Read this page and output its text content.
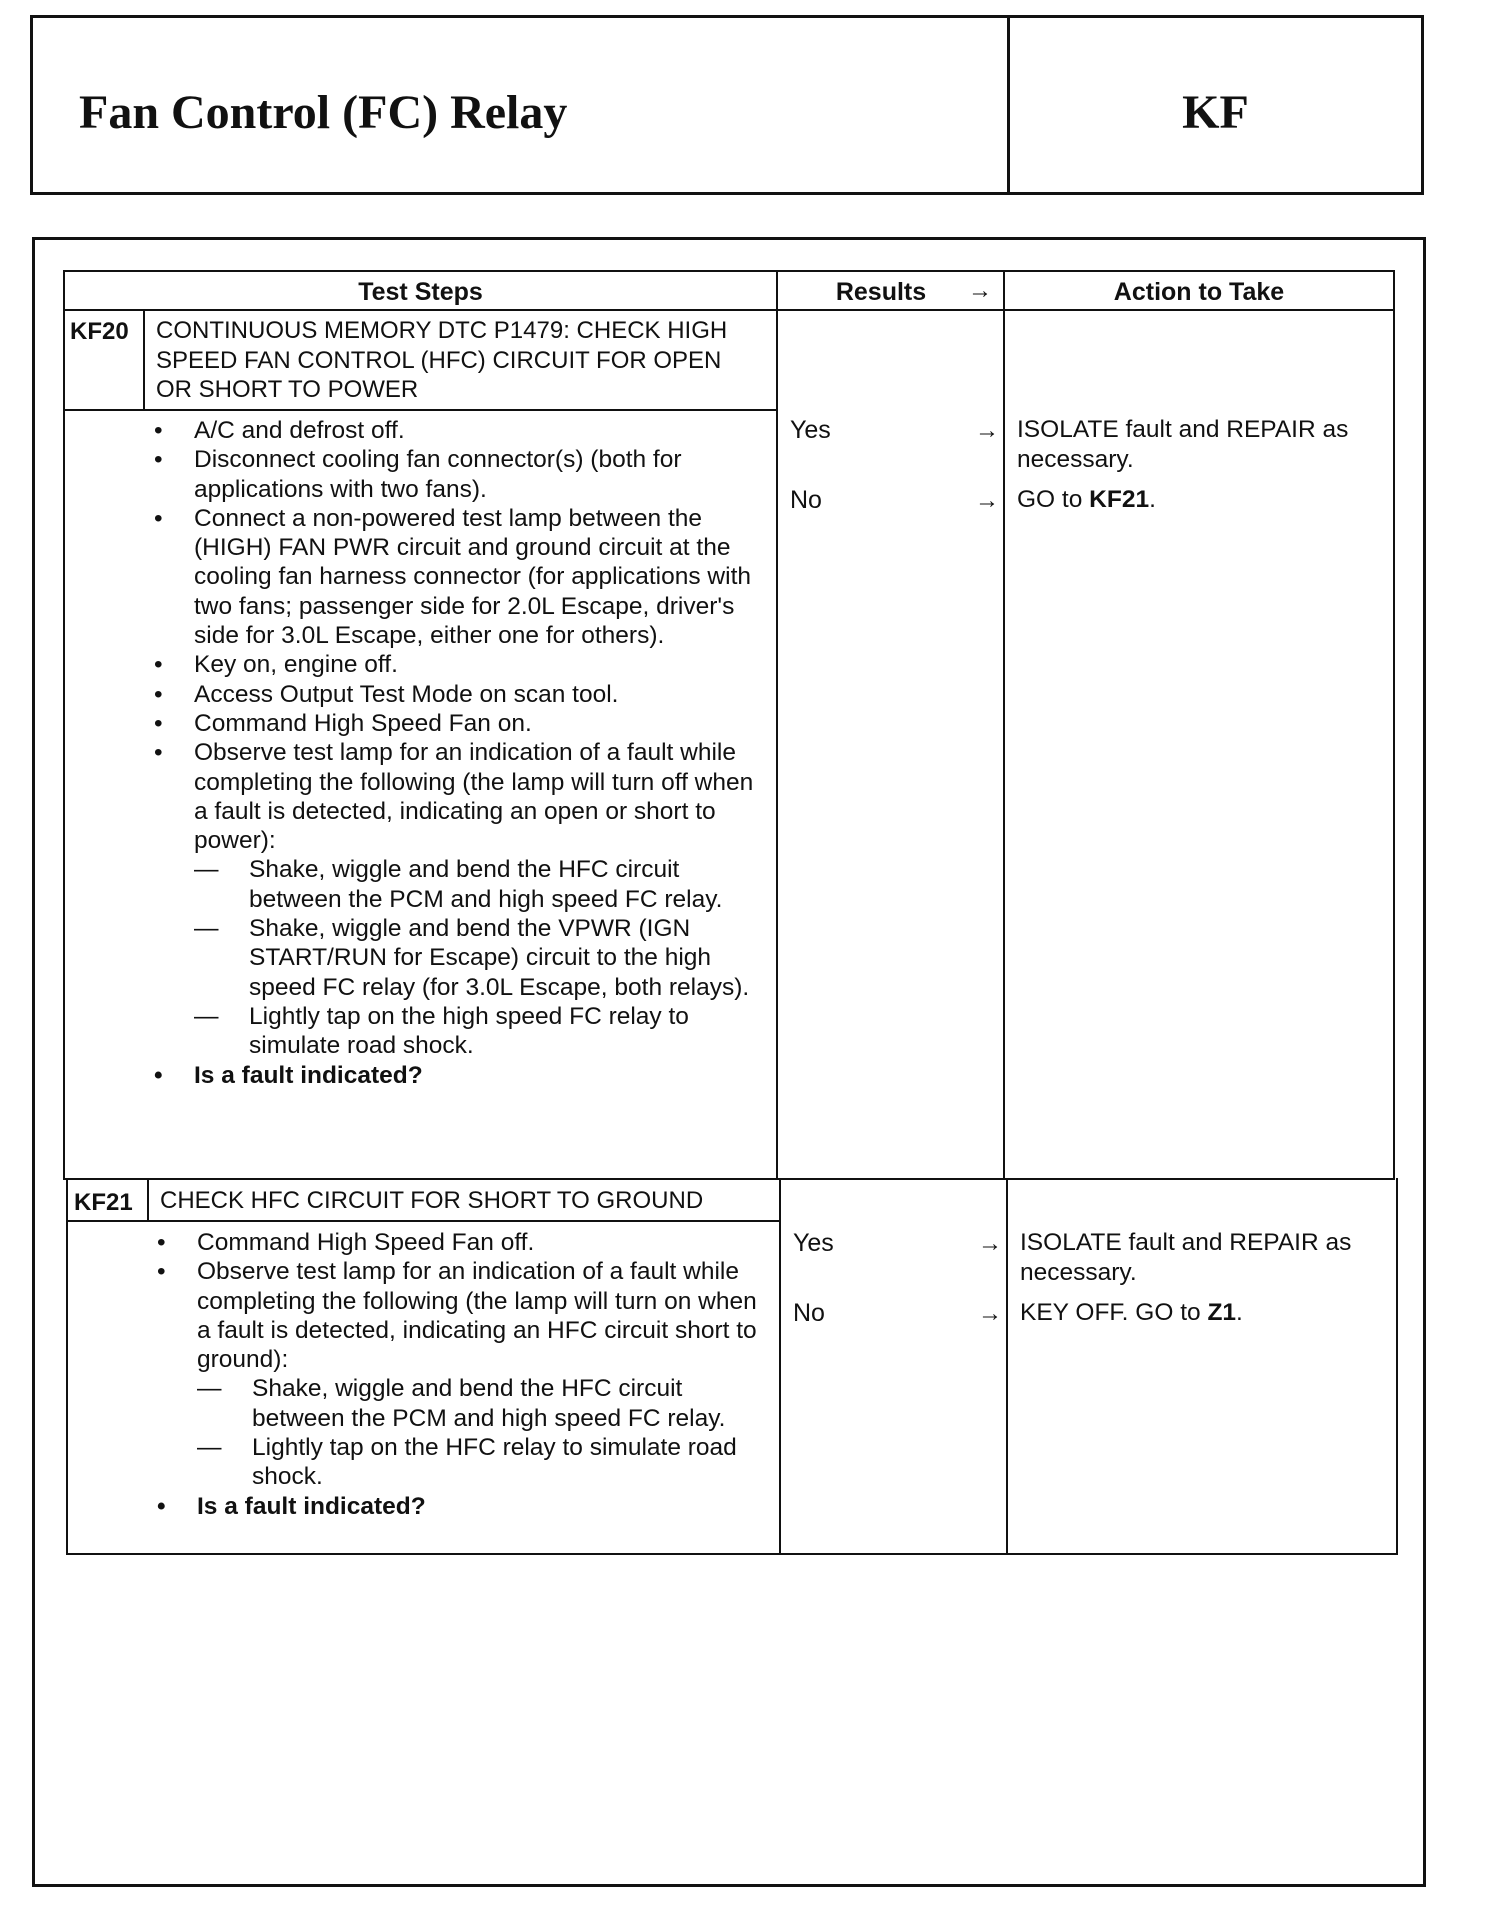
Fan Control (FC) Relay	KF
Test Steps	Results	→	Action to Take
KF20 CONTINUOUS MEMORY DTC P1479: CHECK HIGH SPEED FAN CONTROL (HFC) CIRCUIT FOR OPEN OR SHORT TO POWER
• A/C and defrost off.
• Disconnect cooling fan connector(s) (both for applications with two fans).
• Connect a non-powered test lamp between the (HIGH) FAN PWR circuit and ground circuit at the cooling fan harness connector (for applications with two fans; passenger side for 2.0L Escape, driver's side for 3.0L Escape, either one for others).
• Key on, engine off.
• Access Output Test Mode on scan tool.
• Command High Speed Fan on.
• Observe test lamp for an indication of a fault while completing the following (the lamp will turn off when a fault is detected, indicating an open or short to power):
— Shake, wiggle and bend the HFC circuit between the PCM and high speed FC relay.
— Shake, wiggle and bend the VPWR (IGN START/RUN for Escape) circuit to the high speed FC relay (for 3.0L Escape, both relays).
— Lightly tap on the high speed FC relay to simulate road shock.
• Is a fault indicated?
Yes	→ ISOLATE fault and REPAIR as necessary.
No	→ GO to KF21.
KF21 CHECK HFC CIRCUIT FOR SHORT TO GROUND
• Command High Speed Fan off.
• Observe test lamp for an indication of a fault while completing the following (the lamp will turn on when a fault is detected, indicating an HFC circuit short to ground):
— Shake, wiggle and bend the HFC circuit between the PCM and high speed FC relay.
— Lightly tap on the HFC relay to simulate road shock.
• Is a fault indicated?
Yes	→ ISOLATE fault and REPAIR as necessary.
No	→ KEY OFF. GO to Z1.
